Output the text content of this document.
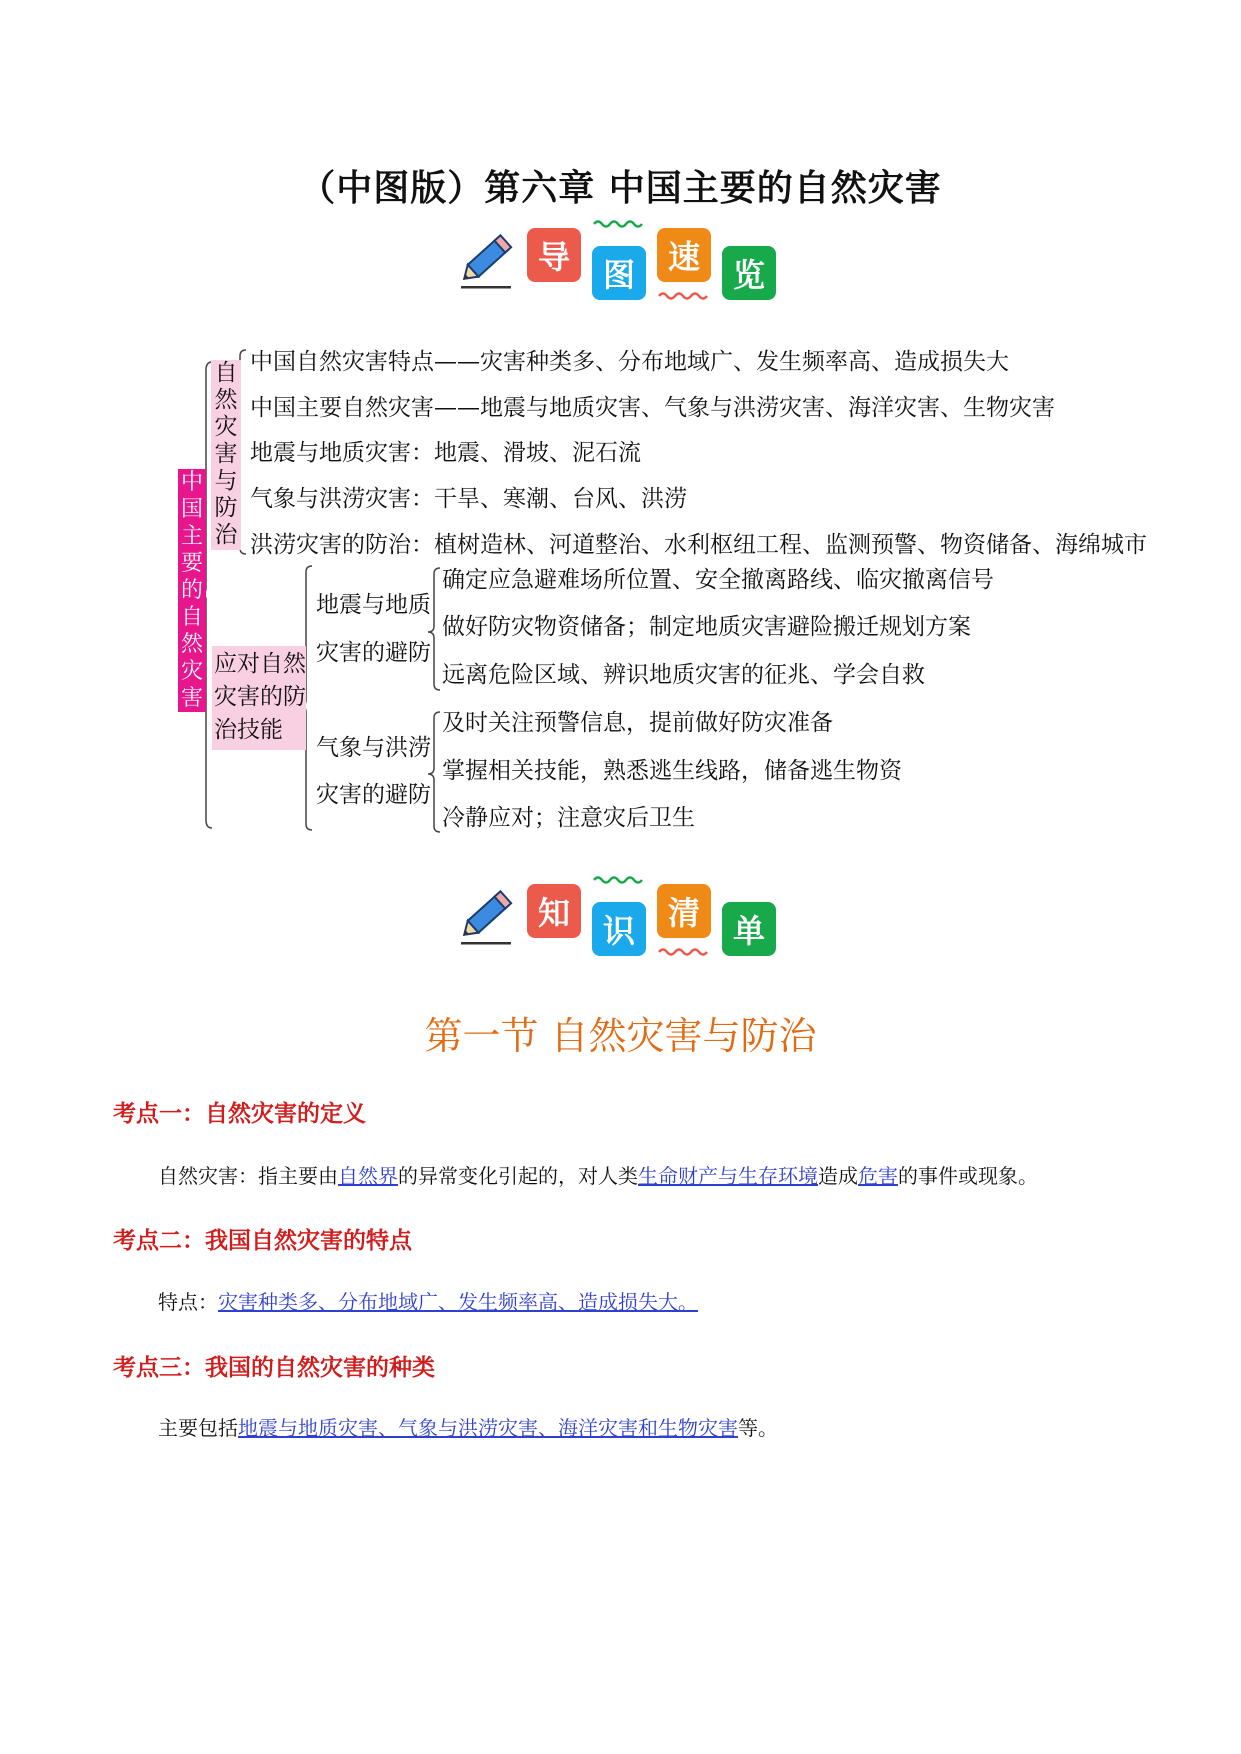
（中图版）第六章 中国主要的自然灾害
导	图	速	览
中国主要的自然灾害
自然灾害与防治
应对自然灾害的防治技能
中国自然灾害特点——灾害种类多、分布地域广、发生频率高、造成损失大
中国主要自然灾害——地震与地质灾害、气象与洪涝灾害、海洋灾害、生物灾害
地震与地质灾害：地震、滑坡、泥石流
气象与洪涝灾害：干旱、寒潮、台风、洪涝
洪涝灾害的防治：植树造林、河道整治、水利枢纽工程、监测预警、物资储备、海绵城市
地震与地质
灾害的避防
确定应急避难场所位置、安全撤离路线、临灾撤离信号
做好防灾物资储备；制定地质灾害避险搬迁规划方案
远离危险区域、辨识地质灾害的征兆、学会自救
气象与洪涝
灾害的避防
及时关注预警信息，提前做好防灾准备
掌握相关技能，熟悉逃生线路，储备逃生物资
冷静应对；注意灾后卫生
知	识	清	单
第一节 自然灾害与防治
考点一：自然灾害的定义
自然灾害：指主要由自然界的异常变化引起的，对人类生命财产与生存环境造成危害的事件或现象。
考点二：我国自然灾害的特点
特点：灾害种类多、分布地域广、发生频率高、造成损失大。
考点三：我国的自然灾害的种类
主要包括地震与地质灾害、气象与洪涝灾害、海洋灾害和生物灾害等。
